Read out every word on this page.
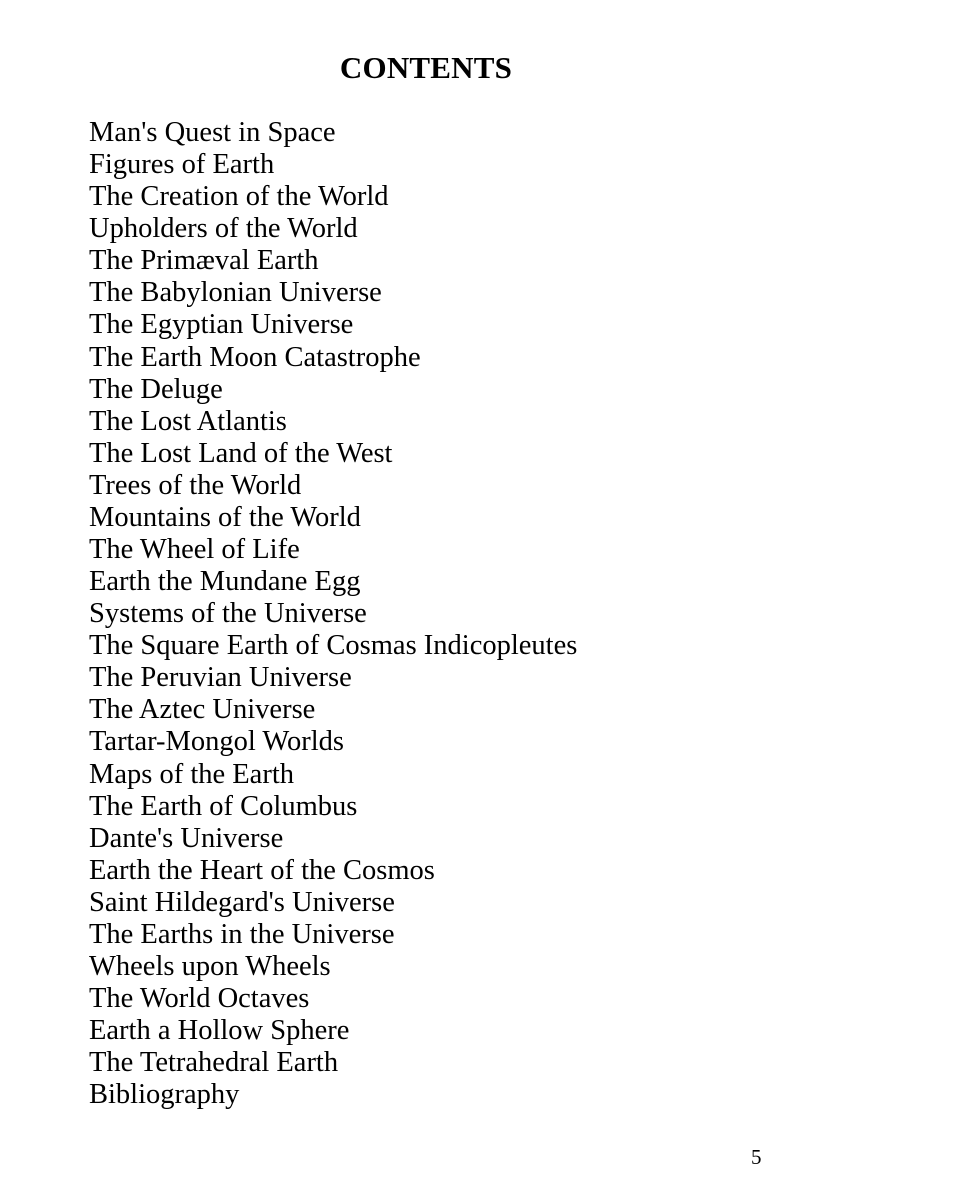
CONTENTS
Man's Quest in Space
Figures of Earth
The Creation of the World
Upholders of the World
The Primæval Earth
The Babylonian Universe
The Egyptian Universe
The Earth Moon Catastrophe
The Deluge
The Lost Atlantis
The Lost Land of the West
Trees of the World
Mountains of the World
The Wheel of Life
Earth the Mundane Egg
Systems of the Universe
The Square Earth of Cosmas Indicopleutes
The Peruvian Universe
The Aztec Universe
Tartar-Mongol Worlds
Maps of the Earth
The Earth of Columbus
Dante's Universe
Earth the Heart of the Cosmos
Saint Hildegard's Universe
The Earths in the Universe
Wheels upon Wheels
The World Octaves
Earth a Hollow Sphere
The Tetrahedral Earth
Bibliography
5
